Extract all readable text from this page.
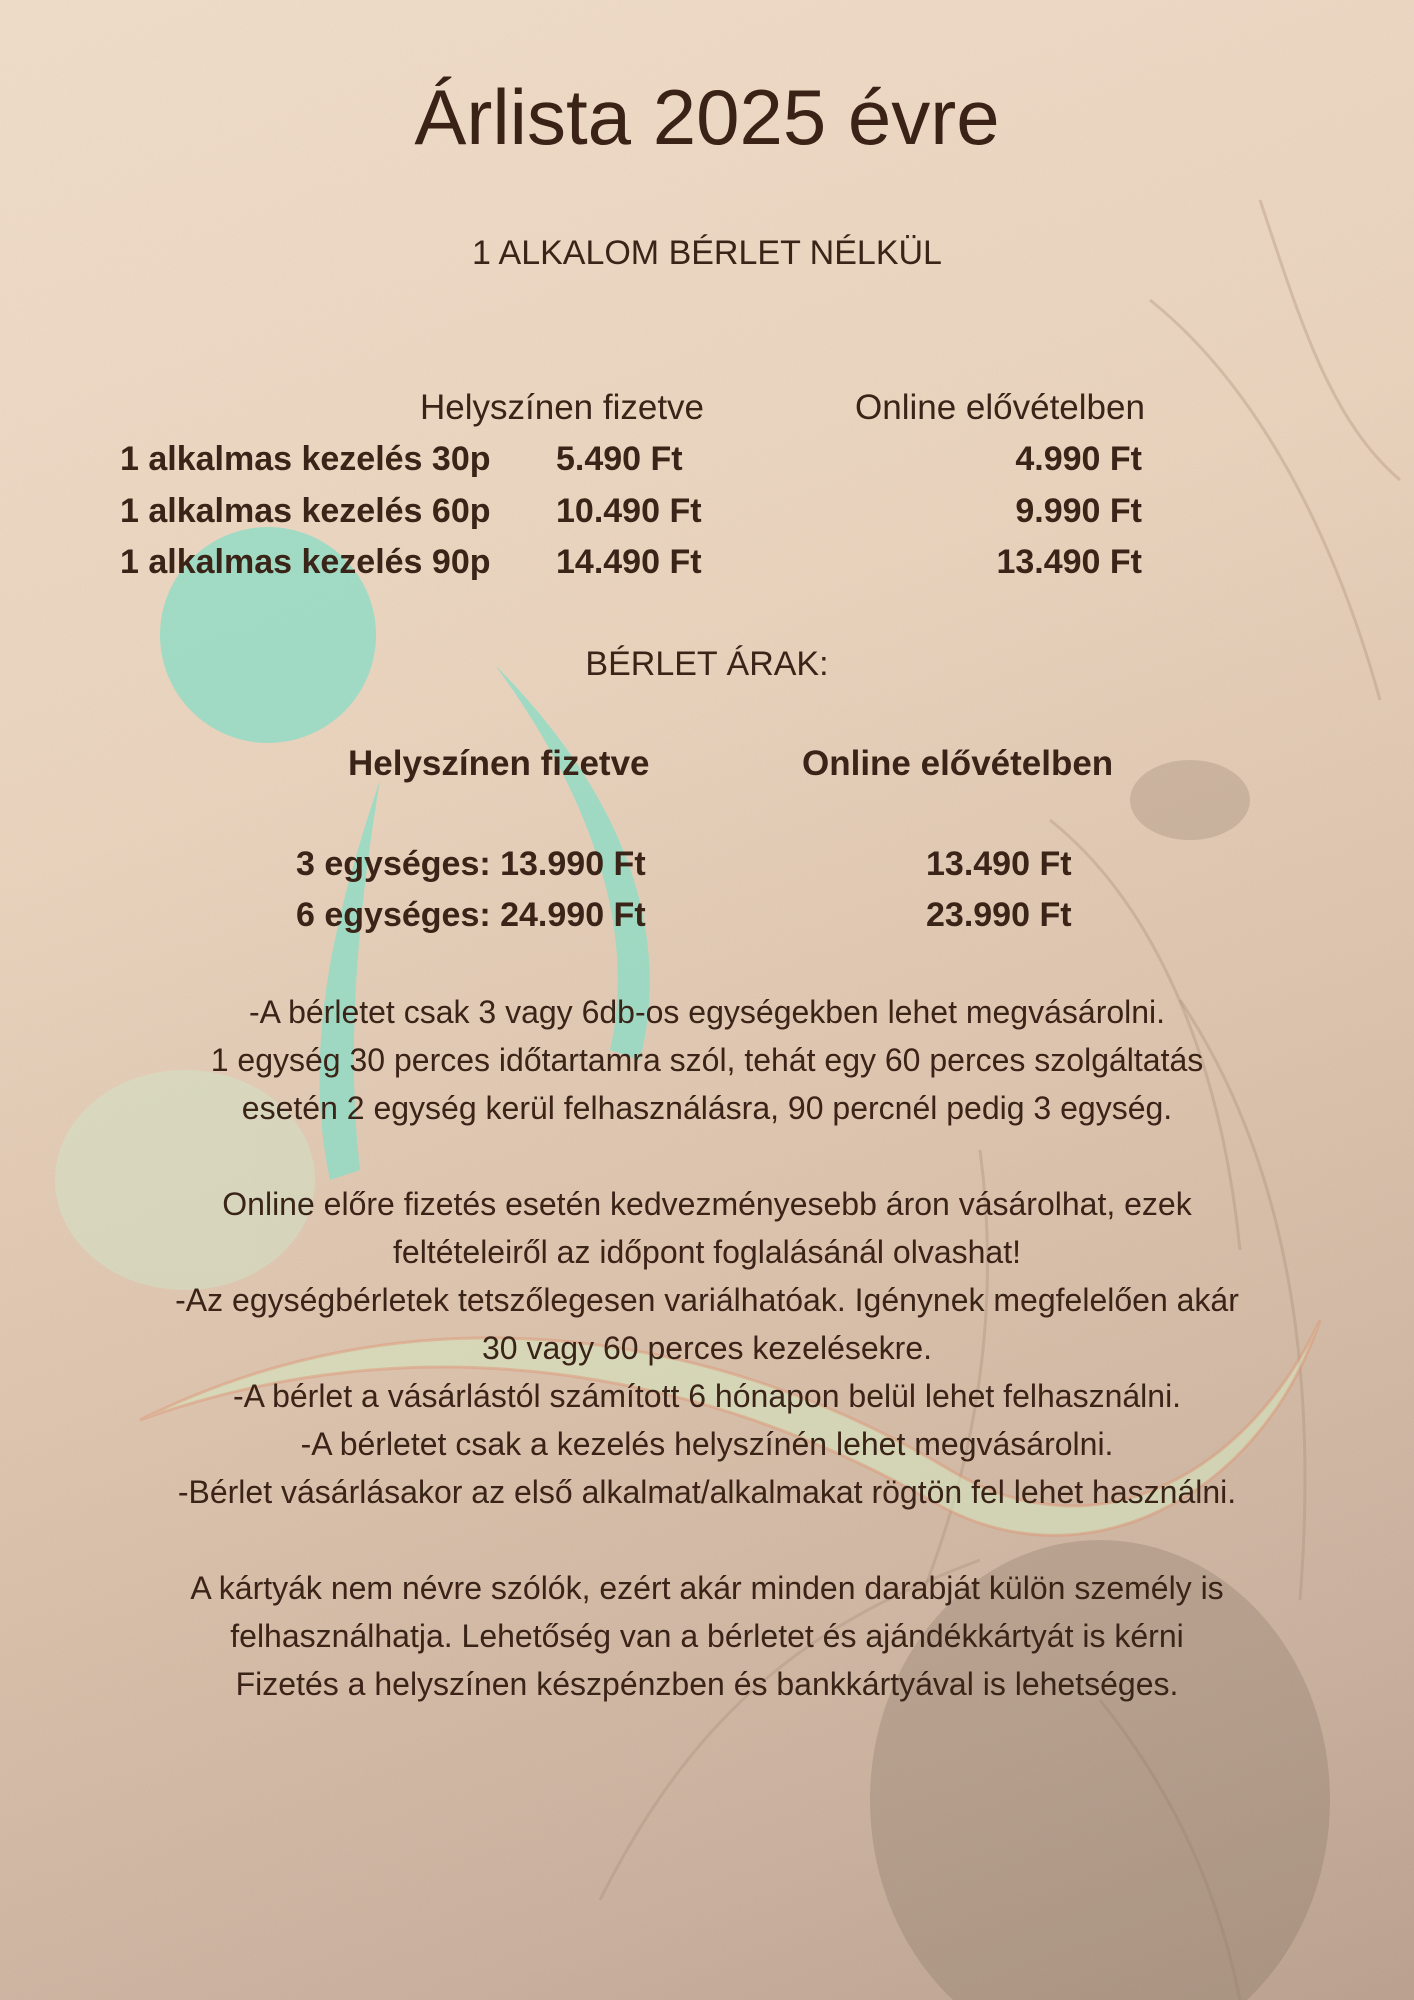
Árlista 2025 évre
1 ALKALOM BÉRLET NÉLKÜL
Helyszínen fizetve	Online elővételben
1 alkalmas kezelés 30p 5.490 Ft	4.990 Ft
1 alkalmas kezelés 60p 10.490 Ft	9.990 Ft
1 alkalmas kezelés 90p 14.490 Ft	13.490 Ft
BÉRLET ÁRAK:
Helyszínen fizetve	Online elővételben
3 egységes: 13.990 Ft	13.490 Ft
6 egységes: 24.990 Ft	23.990 Ft

-A bérletet csak 3 vagy 6db-os egységekben lehet megvásárolni.

1 egység 30 perces időtartamra szól, tehát egy 60 perces szolgáltatás

esetén 2 egység kerül felhasználásra, 90 percnél pedig 3 egység.

Online előre fizetés esetén kedvezményesebb áron vásárolhat, ezek

feltételeiről az időpont foglalásánál olvashat!

-Az egységbérletek tetszőlegesen variálhatóak. Igénynek megfelelően akár

30 vagy 60 perces kezelésekre.

-A bérlet a vásárlástól számított 6 hónapon belül lehet felhasználni.

-A bérletet csak a kezelés helyszínén lehet megvásárolni.

-Bérlet vásárlásakor az első alkalmat/alkalmakat rögtön fel lehet használni.

A kártyák nem névre szólók, ezért akár minden darabját külön személy is

felhasználhatja. Lehetőség van a bérletet és ajándékkártyát is kérni

Fizetés a helyszínen készpénzben és bankkártyával is lehetséges.
